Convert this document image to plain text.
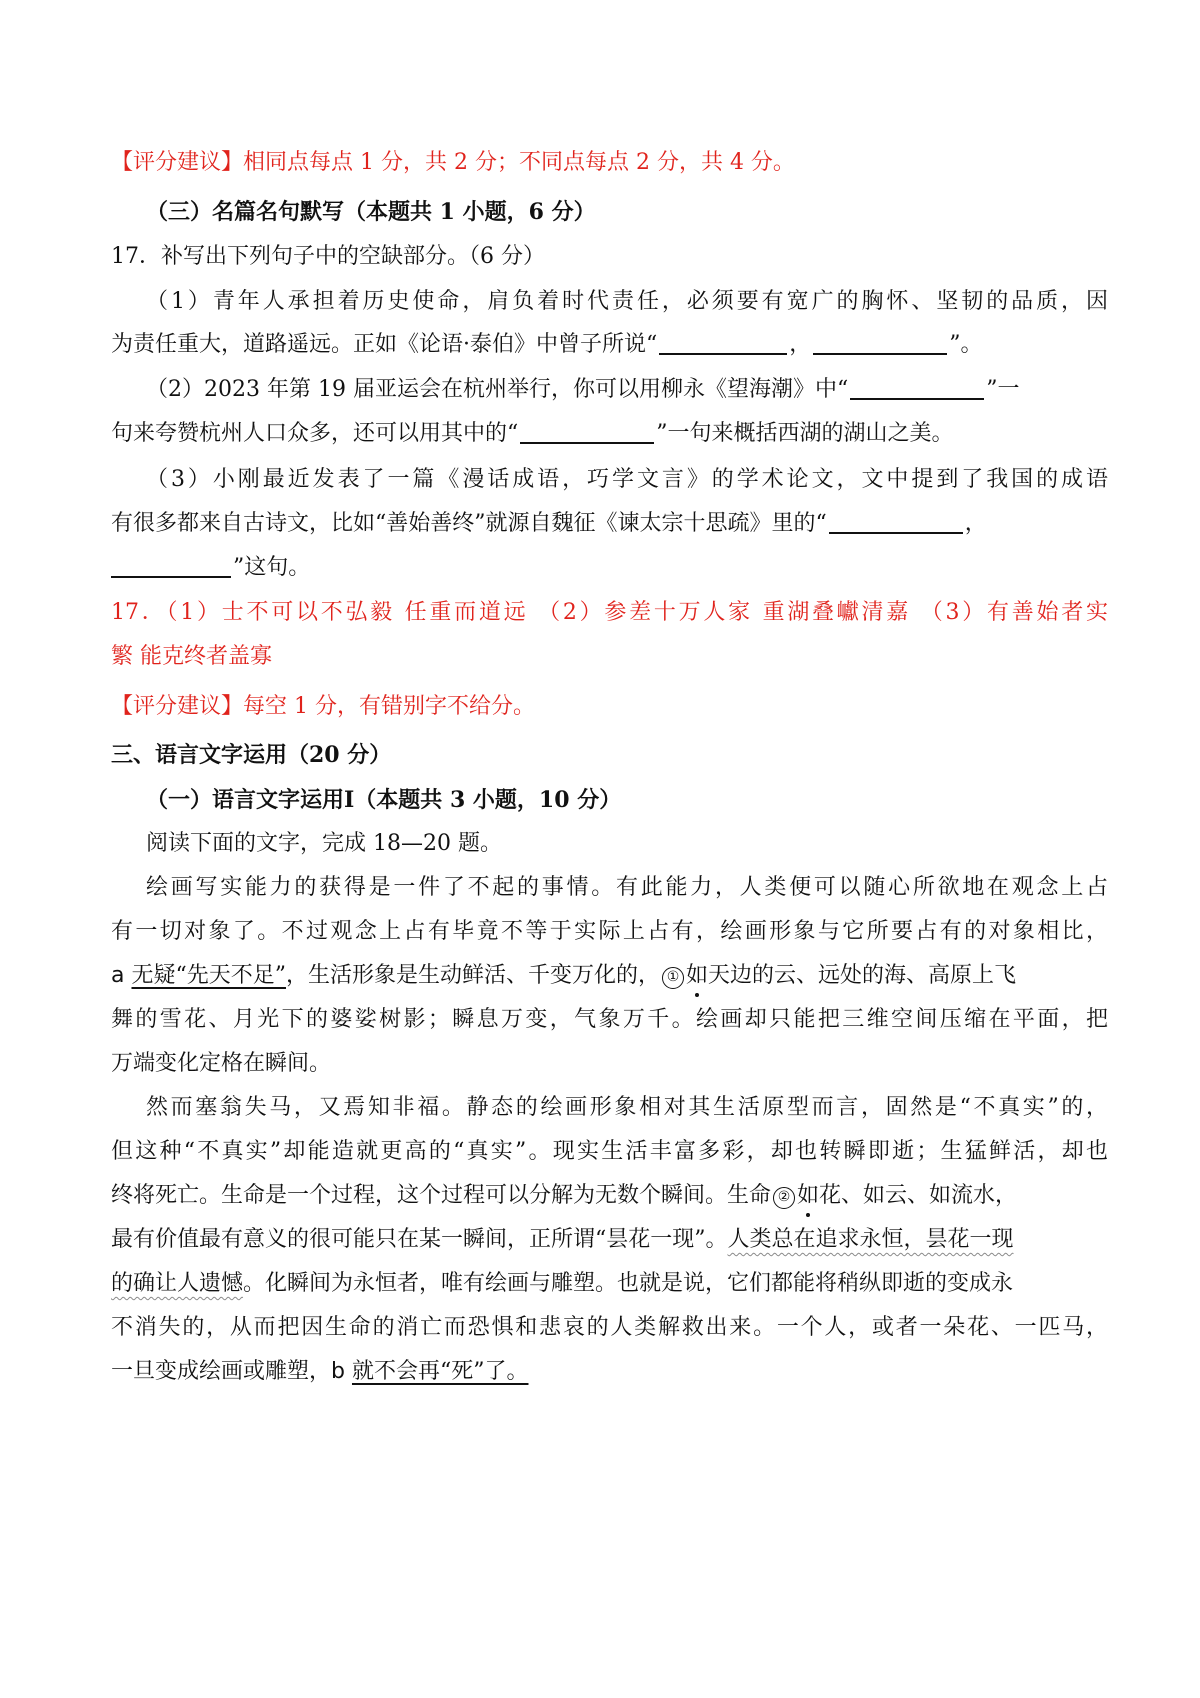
【评分建议】相同点每点 1 分，共 2 分；不同点每点 2 分，共 4 分。
（三）名篇名句默写（本题共 1 小题，6 分）
17．补写出下列句子中的空缺部分。（6 分）
（1）青年人承担着历史使命，肩负着时代责任，必须要有宽广的胸怀、坚韧的品质，因
为责任重大，道路遥远。正如《论语·泰伯》中曾子所说“	，	”。
（2）2023 年第 19 届亚运会在杭州举行，你可以用柳永《望海潮》中“	”一
句来夸赞杭州人口众多，还可以用其中的“	”一句来概括西湖的湖山之美。
（3）小刚最近发表了一篇《漫话成语，巧学文言》的学术论文，文中提到了我国的成语
有很多都来自古诗文，比如“善始善终”就源自魏征《谏太宗十思疏》里的“	，
”这句。
17．（1）士不可以不弘毅 任重而道远 （2）参差十万人家 重湖叠巘清嘉 （3）有善始者实
繁 能克终者盖寡
【评分建议】每空 1 分，有错别字不给分。
三、语言文字运用（20 分）
（一）语言文字运用Ⅰ（本题共 3 小题，10 分）
阅读下面的文字，完成 18—20 题。
绘画写实能力的获得是一件了不起的事情。有此能力，人类便可以随心所欲地在观念上占
有一切对象了。不过观念上占有毕竟不等于实际上占有，绘画形象与它所要占有的对象相比，
a 无疑“先天不足”，生活形象是生动鲜活、千变万化的， ① 如天边的云、远处的海、高原上飞
舞的雪花、月光下的婆娑树影；瞬息万变，气象万千。绘画却只能把三维空间压缩在平面，把
万端变化定格在瞬间。
然而塞翁失马，又焉知非福。静态的绘画形象相对其生活原型而言，固然是“不真实”的，
但这种“不真实”却能造就更高的“真实”。现实生活丰富多彩，却也转瞬即逝；生猛鲜活，却也
终将死亡。生命是一个过程，这个过程可以分解为无数个瞬间。生命 ② 如花、如云、如流水，
最有价值最有意义的很可能只在某一瞬间，正所谓“昙花一现”。人类总在追求永恒，昙花一现
的确让人遗憾。化瞬间为永恒者，唯有绘画与雕塑。也就是说，它们都能将稍纵即逝的变成永
不消失的，从而把因生命的消亡而恐惧和悲哀的人类解救出来。一个人，或者一朵花、一匹马，
一旦变成绘画或雕塑，b 就不会再“死”了。
